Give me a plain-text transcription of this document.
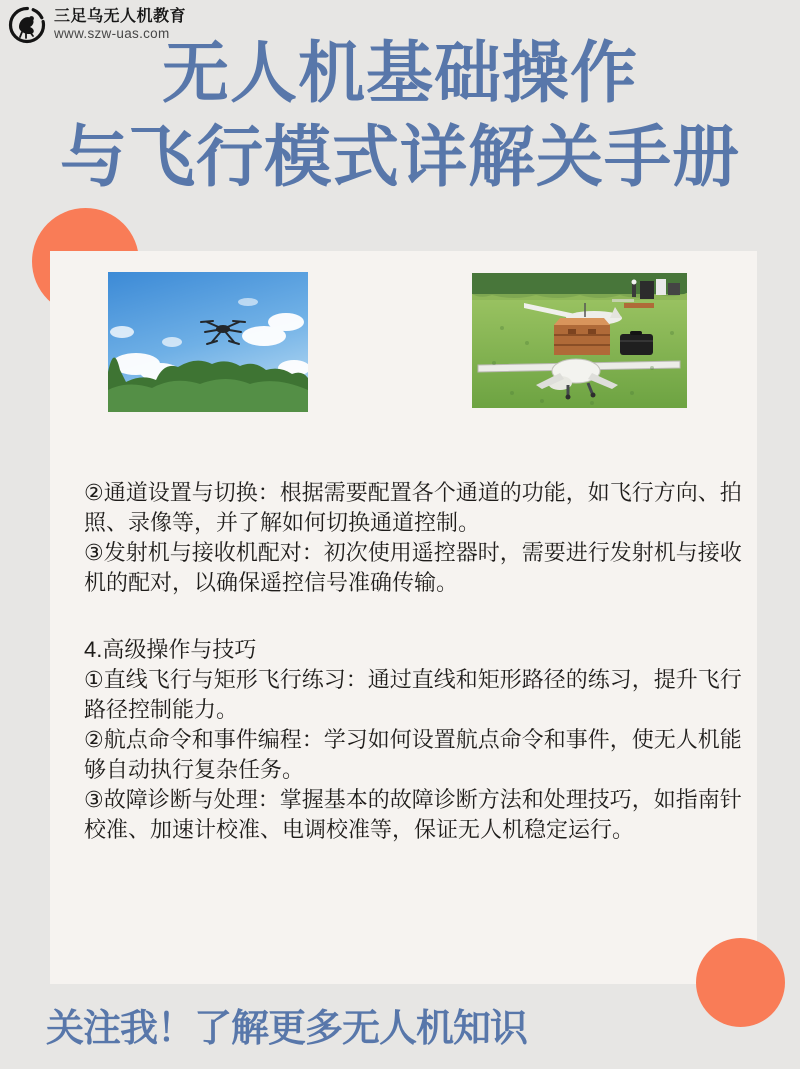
三足乌无人机教育
www.szw-uas.com
无人机基础操作
与飞行模式详解关手册
②通道设置与切换：根据需要配置各个通道的功能，如飞行方向、拍
照、录像等，并了解如何切换通道控制。
③发射机与接收机配对：初次使用遥控器时，需要进行发射机与接收
机的配对，以确保遥控信号准确传输。
4.高级操作与技巧
①直线飞行与矩形飞行练习：通过直线和矩形路径的练习，提升飞行
路径控制能力。
②航点命令和事件编程：学习如何设置航点命令和事件，使无人机能
够自动执行复杂任务。
③故障诊断与处理：掌握基本的故障诊断方法和处理技巧，如指南针
校准、加速计校准、电调校准等，保证无人机稳定运行。
关注我！了解更多无人机知识
